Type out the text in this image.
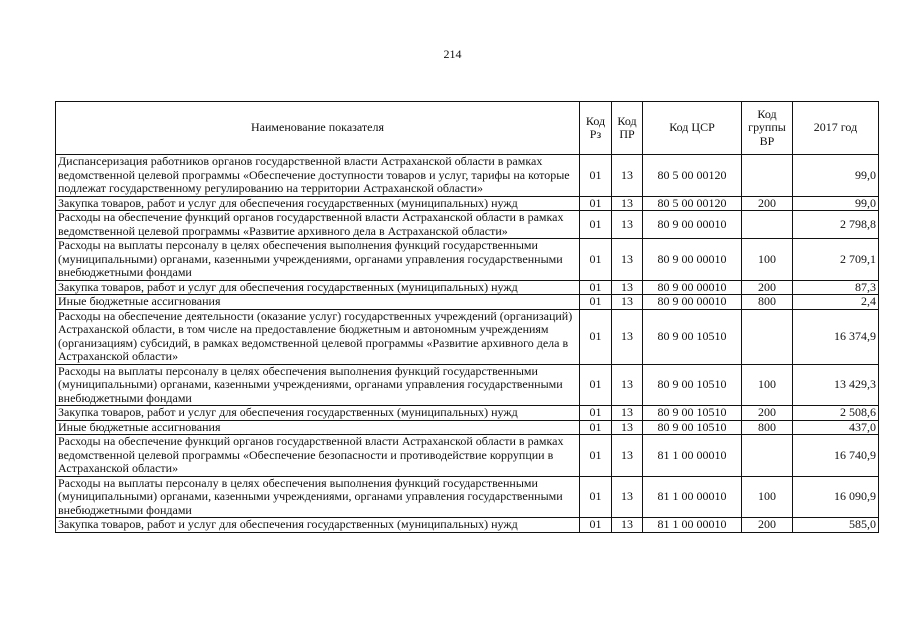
214
Наименование показателя	Код Рз	Код ПР	Код ЦСР	Код группы ВР	2017 год
Диспансеризация работников органов государственной власти Астраханской области в рамках ведомственной целевой программы «Обеспечение доступности товаров и услуг, тарифы на которые подлежат государственному регулированию на территории Астраханской области»	01	13	80 5 00 00120		99,0
Закупка товаров, работ и услуг для обеспечения государственных (муниципальных) нужд	01	13	80 5 00 00120	200	99,0
Расходы на обеспечение функций органов государственной власти Астраханской области в рамках ведомственной целевой программы «Развитие архивного дела в Астраханской области»	01	13	80 9 00 00010		2 798,8
Расходы на выплаты персоналу в целях обеспечения выполнения функций государственными (муниципальными) органами, казенными учреждениями, органами управления государственными внебюджетными фондами	01	13	80 9 00 00010	100	2 709,1
Закупка товаров, работ и услуг для обеспечения государственных (муниципальных) нужд	01	13	80 9 00 00010	200	87,3
Иные бюджетные ассигнования	01	13	80 9 00 00010	800	2,4
Расходы на обеспечение деятельности (оказание услуг) государственных учреждений (организаций) Астраханской области, в том числе на предоставление бюджетным и автономным учреждениям (организациям) субсидий, в рамках ведомственной целевой программы «Развитие архивного дела в Астраханской области»	01	13	80 9 00 10510		16 374,9
Расходы на выплаты персоналу в целях обеспечения выполнения функций государственными (муниципальными) органами, казенными учреждениями, органами управления государственными внебюджетными фондами	01	13	80 9 00 10510	100	13 429,3
Закупка товаров, работ и услуг для обеспечения государственных (муниципальных) нужд	01	13	80 9 00 10510	200	2 508,6
Иные бюджетные ассигнования	01	13	80 9 00 10510	800	437,0
Расходы на обеспечение функций органов государственной власти Астраханской области в рамках ведомственной целевой программы «Обеспечение безопасности и противодействие коррупции в Астраханской области»	01	13	81 1 00 00010		16 740,9
Расходы на выплаты персоналу в целях обеспечения выполнения функций государственными (муниципальными) органами, казенными учреждениями, органами управления государственными внебюджетными фондами	01	13	81 1 00 00010	100	16 090,9
Закупка товаров, работ и услуг для обеспечения государственных (муниципальных) нужд	01	13	81 1 00 00010	200	585,0
